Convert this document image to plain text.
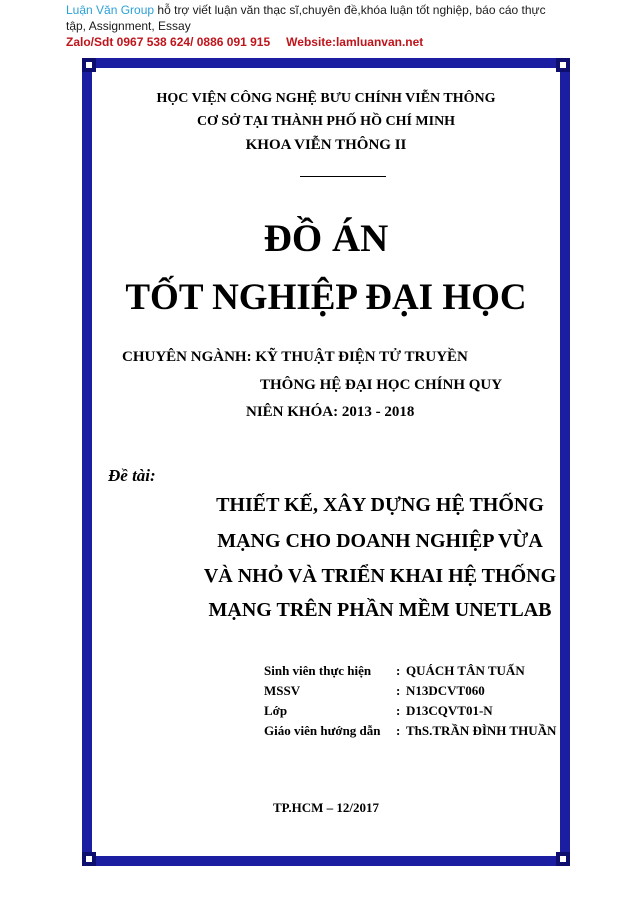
Luận Văn Group hỗ trợ viết luận văn thạc sĩ,chuyên đề,khóa luận tốt nghiệp, báo cáo thực
tập, Assignment, Essay
Zalo/Sdt 0967 538 624/ 0886 091 915 Website:lamluanvan.net
HỌC VIỆN CÔNG NGHỆ BƯU CHÍNH VIỄN THÔNG
CƠ SỞ TẠI THÀNH PHỐ HỒ CHÍ MINH
KHOA VIỄN THÔNG II
ĐỒ ÁN
TỐT NGHIỆP ĐẠI HỌC
CHUYÊN NGÀNH: KỸ THUẬT ĐIỆN TỬ TRUYỀN
THÔNG HỆ ĐẠI HỌC CHÍNH QUY
NIÊN KHÓA: 2013 - 2018
Đề tài:
THIẾT KẾ, XÂY DỰNG HỆ THỐNG
MẠNG CHO DOANH NGHIỆP VỪA
VÀ NHỎ VÀ TRIỂN KHAI HỆ THỐNG
MẠNG TRÊN PHẦN MỀM UNETLAB
Sinh viên thực hiện : QUÁCH TÂN TUẤN
MSSV	: N13DCVT060
Lớp	: D13CQVT01-N
Giáo viên hướng dẫn : ThS.TRẦN ĐÌNH THUẦN
TP.HCM – 12/2017
